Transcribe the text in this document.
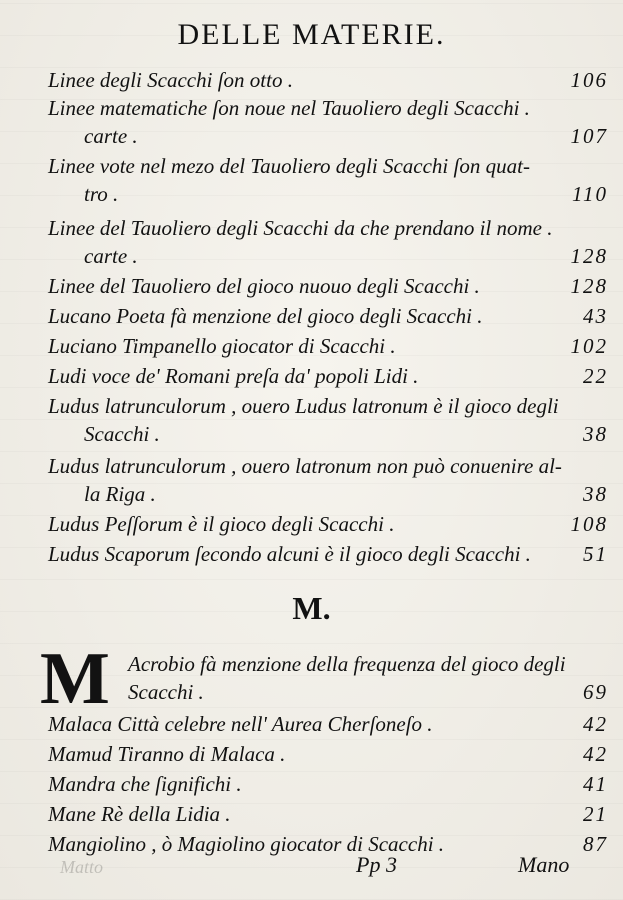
DELLE MATERIE.
Linee degli Scacchi ſon otto .	106
Linee matematiche ſon noue nel Tauoliero degli Scacchi .
carte .	107
Linee vote nel mezo del Tauoliero degli Scacchi ſon quat-
tro .	110
Linee del Tauoliero degli Scacchi da che prendano il nome .
carte .	128
Linee del Tauoliero del gioco nuouo degli Scacchi .	128
Lucano Poeta fà menzione del gioco degli Scacchi .	43
Luciano Timpanello giocator di Scacchi .	102
Ludi voce de' Romani preſa da' popoli Lidi .	22
Ludus latrunculorum , ouero Ludus latronum è il gioco degli
Scacchi .	38
Ludus latrunculorum , ouero latronum non può conuenire al-
la Riga .	38
Ludus Peſſorum è il gioco degli Scacchi .	108
Ludus Scaporum ſecondo alcuni è il gioco degli Scacchi . 51
M.
M Acrobio fà menzione della frequenza del gioco degli
Scacchi .	69
Malaca Città celebre nell' Aurea Cherſoneſo .	42
Mamud Tiranno di Malaca .	42
Mandra che ſignifichi .	41
Mane Rè della Lidia .	21
Mangiolino , ò Magiolino giocator di Scacchi .	87
Matto	Pp 3	Mano
